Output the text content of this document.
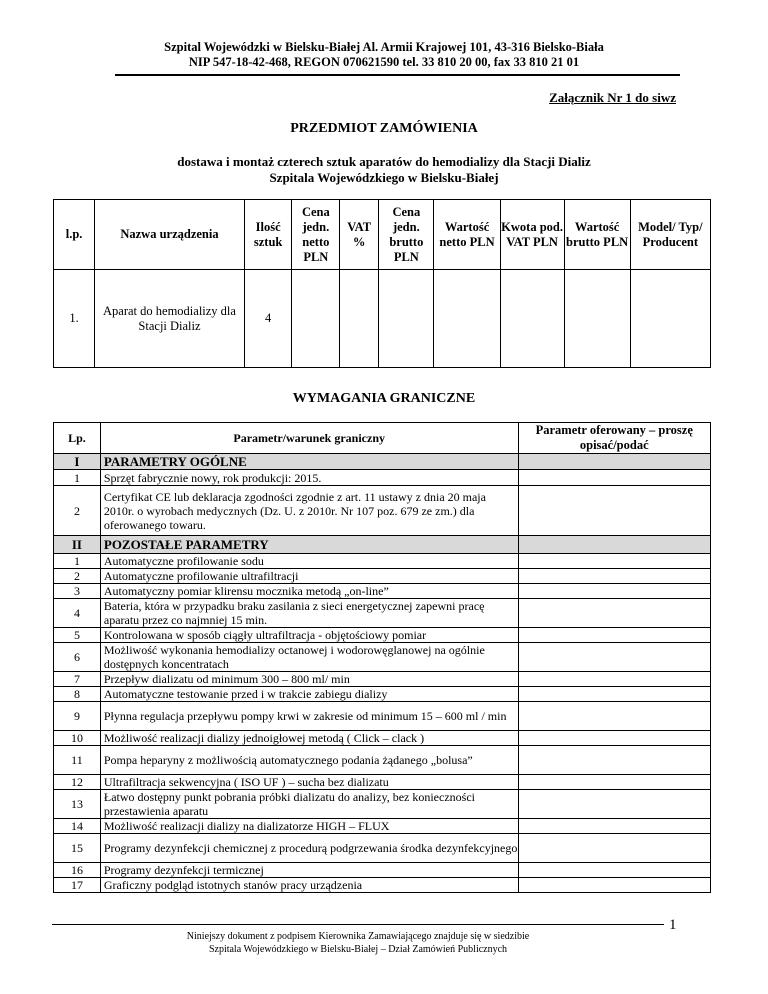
Szpital Wojewódzki w Bielsku-Białej Al. Armii Krajowej 101, 43-316 Bielsko-Biała
NIP 547-18-42-468, REGON 070621590 tel. 33 810 20 00, fax 33 810 21 01
Załącznik Nr 1 do siwz
PRZEDMIOT ZAMÓWIENIA
dostawa i montaż czterech sztuk aparatów do hemodializy dla Stacji Dializ
Szpitala Wojewódzkiego w Bielsku-Białej
l.p.	Nazwa urządzenia	Ilość sztuk	Cena jedn. netto PLN	VAT %	Cena jedn. brutto PLN	Wartość netto PLN	Kwota pod. VAT PLN	Wartość brutto PLN	Model/ Typ/ Producent
1.	Aparat do hemodializy dla Stacji Dializ	4							
WYMAGANIA GRANICZNE
Lp.	Parametr/warunek graniczny	Parametr oferowany – proszę opisać/podać
I	PARAMETRY OGÓLNE	
1	Sprzęt fabrycznie nowy, rok produkcji: 2015.	
2	Certyfikat CE lub deklaracja zgodności zgodnie z art. 11 ustawy z dnia 20 maja 2010r. o wyrobach medycznych (Dz. U. z 2010r. Nr 107 poz. 679 ze zm.) dla oferowanego towaru.	
II	POZOSTAŁE PARAMETRY	
1	Automatyczne profilowanie sodu	
2	Automatyczne profilowanie ultrafiltracji	
3	Automatyczny pomiar klirensu mocznika metodą „on-line”	
4	Bateria, która w przypadku braku zasilania z sieci energetycznej zapewni pracę aparatu przez co najmniej 15 min.	
5	Kontrolowana w sposób ciągły ultrafiltracja - objętościowy pomiar	
6	Możliwość wykonania hemodializy octanowej i wodorowęglanowej na ogólnie dostępnych koncentratach	
7	Przepływ dializatu od minimum 300 – 800 ml/ min	
8	Automatyczne testowanie przed i w trakcie zabiegu dializy	
9	Płynna regulacja przepływu pompy krwi w zakresie od minimum 15 – 600 ml / min	
10	Możliwość realizacji dializy jednoigłowej metodą ( Click – clack )	
11	Pompa heparyny z możliwością automatycznego podania żądanego „bolusa”	
12	Ultrafiltracja sekwencyjna ( ISO UF ) – sucha bez dializatu	
13	Łatwo dostępny punkt pobrania próbki dializatu do analizy, bez konieczności przestawienia aparatu	
14	Możliwość realizacji dializy na dializatorze HIGH – FLUX	
15	Programy dezynfekcji chemicznej z procedurą podgrzewania środka dezynfekcyjnego	
16	Programy dezynfekcji termicznej	
17	Graficzny podgląd istotnych stanów pracy urządzenia	
1
Niniejszy dokument z podpisem Kierownika Zamawiającego znajduje się w siedzibie
Szpitala Wojewódzkiego w Bielsku-Białej – Dział Zamówień Publicznych
